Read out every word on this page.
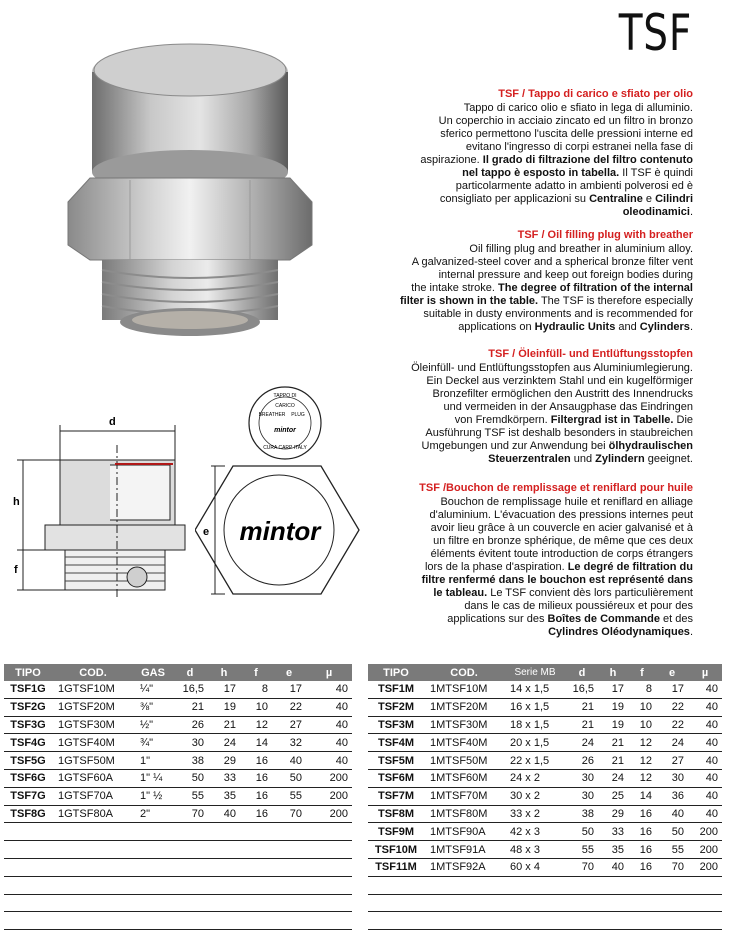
TSF
d
h
f
TAPPO DI
CARICO
BREATHER PLUG
mintor
CURA CARP ITALY
mintor
e
TSF / Tappo di carico e sfiato per olio

Tappo di carico olio e sfiato in lega di alluminio.

Un coperchio in acciaio zincato ed un filtro in bronzo

sferico permettono l'uscita delle pressioni interne ed

evitano l'ingresso di corpi estranei nella fase di

aspirazione. Il grado di filtrazione del filtro contenuto

nel tappo è esposto in tabella. Il TSF è quindi

particolarmente adatto in ambienti polverosi ed è

consigliato per applicazioni su Centraline e Cilindri

oleodinamici.

TSF / Oil filling plug with breather

Oil filling plug and breather in aluminium alloy.

A galvanized-steel cover and a spherical bronze filter vent

internal pressure and keep out foreign bodies during

the intake stroke. The degree of filtration of the internal

filter is shown in the table. The TSF is therefore especially

suitable in dusty environments and is recommended for

applications on Hydraulic Units and Cylinders.

TSF / Öleinfüll- und Entlüftungsstopfen

Öleinfüll- und Entlüftungsstopfen aus Aluminiumlegierung.

Ein Deckel aus verzinktem Stahl und ein kugelförmiger

Bronzefilter ermöglichen den Austritt des Innendrucks

und vermeiden in der Ansaugphase das Eindringen

von Fremdkörpern. Filtergrad ist in Tabelle. Die

Ausführung TSF ist deshalb besonders in staubreichen

Umgebungen und zur Anwendung bei ölhydraulischen

Steuerzentralen und Zylindern geeignet.

TSF /Bouchon de remplissage et reniflard pour huile

Bouchon de remplissage huile et reniflard en alliage

d'aluminium. L'évacuation des pressions internes peut

avoir lieu grâce à un couvercle en acier galvanisé et à

un filtre en bronze sphérique, de même que ces deux

éléments évitent toute introduction de corps étrangers

lors de la phase d'aspiration. Le degré de filtration du

filtre renfermé dans le bouchon est représenté dans

le tableau. Le TSF convient dès lors particulièrement

dans le cas de milieux poussiéreux et pour des

applications sur des Boîtes de Commande et des

Cylindres Oléodynamiques.

TIPO	COD.	GAS	d	h	f	e	µ
TSF1G	1GTSF10M	¼"	16,5	17	8	17	40
TSF2G	1GTSF20M	⅜"	21	19	10	22	40
TSF3G	1GTSF30M	½"	26	21	12	27	40
TSF4G	1GTSF40M	¾"	30	24	14	32	40
TSF5G	1GTSF50M	1"	38	29	16	40	40
TSF6G	1GTSF60A	1" ¼	50	33	16	50	200
TSF7G	1GTSF70A	1" ½	55	35	16	55	200
TSF8G	1GTSF80A	2"	70	40	16	70	200

TIPO	COD.	Serie MB	d	h	f	e	µ
TSF1M	1MTSF10M	14 x 1,5	16,5	17	8	17	40
TSF2M	1MTSF20M	16 x 1,5	21	19	10	22	40
TSF3M	1MTSF30M	18 x 1,5	21	19	10	22	40
TSF4M	1MTSF40M	20 x 1,5	24	21	12	24	40
TSF5M	1MTSF50M	22 x 1,5	26	21	12	27	40
TSF6M	1MTSF60M	24 x 2	30	24	12	30	40
TSF7M	1MTSF70M	30 x 2	30	25	14	36	40
TSF8M	1MTSF80M	33 x 2	38	29	16	40	40
TSF9M	1MTSF90A	42 x 3	50	33	16	50	200
TSF10M	1MTSF91A	48 x 3	55	35	16	55	200
TSF11M	1MTSF92A	60 x 4	70	40	16	70	200
